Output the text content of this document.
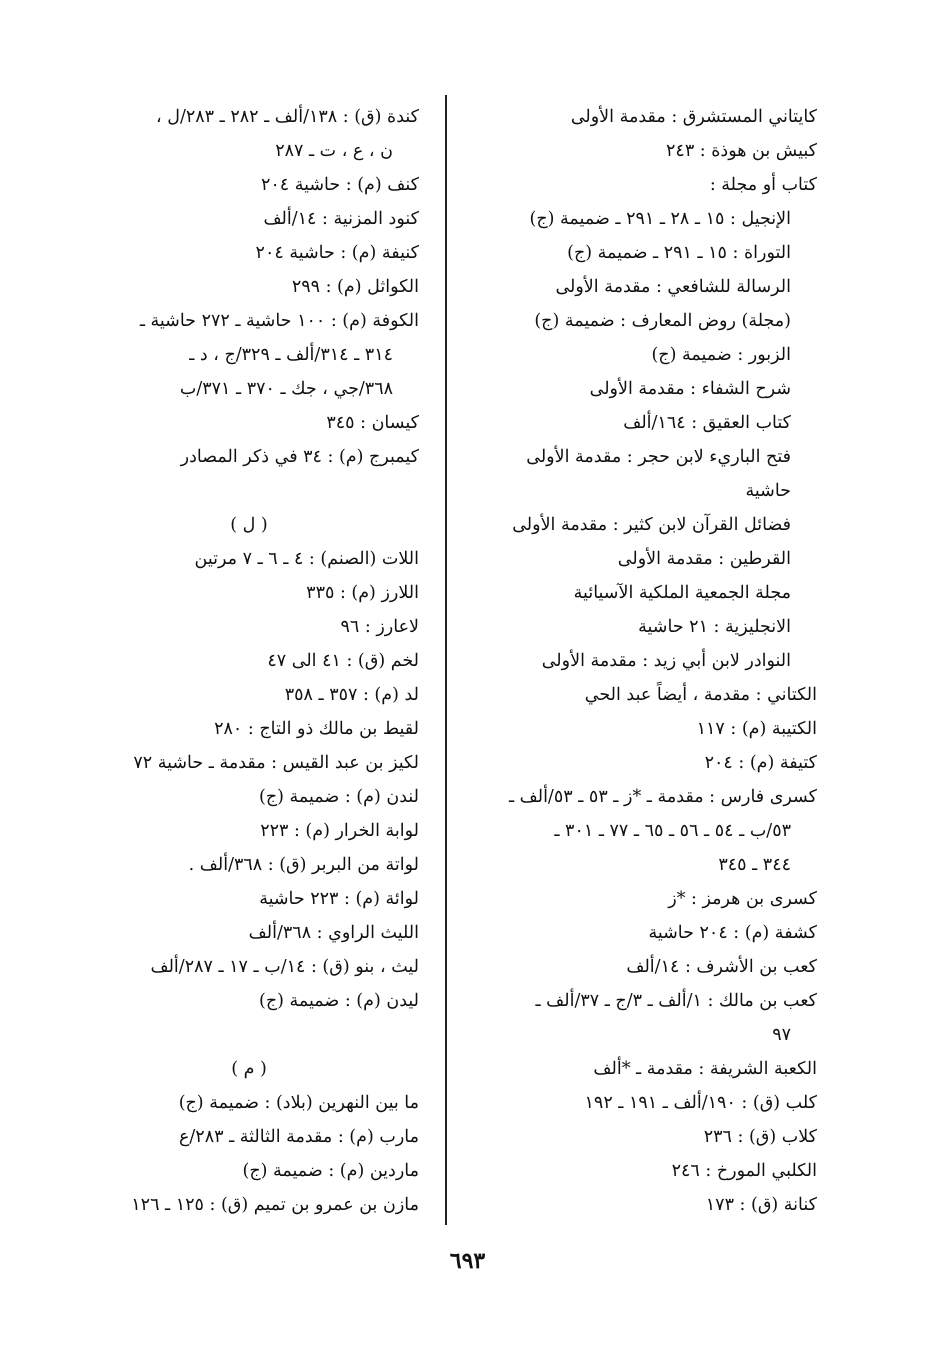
كايتاني المستشرق : مقدمة الأولى
كبيش بن هوذة : ٢٤٣
كتاب أو مجلة :
الإنجيل : ١٥ ـ ٢٨ ـ ٢٩١ ـ ضميمة (ج)
التوراة : ١٥ ـ ٢٩١ ـ ضميمة (ج)
الرسالة للشافعي : مقدمة الأولى
(مجلة) روض المعارف : ضميمة (ج)
الزبور : ضميمة (ج)
شرح الشفاء : مقدمة الأولى
كتاب العقيق : ١٦٤/ألف
فتح الباريء لابن حجر : مقدمة الأولى
حاشية
فضائل القرآن لابن كثير : مقدمة الأولى
القرطين : مقدمة الأولى
مجلة الجمعية الملكية الآسيائية
الانجليزية : ٢١ حاشية
النوادر لابن أبي زيد : مقدمة الأولى
الكتاني : مقدمة ، أيضاً عبد الحي
الكتيبة (م) : ١١٧
كتيفة (م) : ٢٠٤
كسرى فارس : مقدمة ـ *ز ـ ٥٣ ـ ٥٣/ألف ـ
٥٣/ب ـ ٥٤ ـ ٥٦ ـ ٦٥ ـ ٧٧ ـ ٣٠١ ـ
٣٤٤ ـ ٣٤٥
كسرى بن هرمز : *ز
كشفة (م) : ٢٠٤ حاشية
كعب بن الأشرف : ١٤/ألف
كعب بن مالك : ١/ألف ـ ٣/ج ـ ٣٧/ألف ـ
٩٧
الكعبة الشريفة : مقدمة ـ *ألف
كلب (ق) : ١٩٠/ألف ـ ١٩١ ـ ١٩٢
كلاب (ق) : ٢٣٦
الكلبي المورخ : ٢٤٦
كنانة (ق) : ١٧٣
كندة (ق) : ١٣٨/ألف ـ ٢٨٢ ـ ٢٨٣/ل ،
ن ، ع ، ت ـ ٢٨٧
كنف (م) : حاشية ٢٠٤
كنود المزنية : ١٤/ألف
كنيفة (م) : حاشية ٢٠٤
الكواثل (م) : ٢٩٩
الكوفة (م) : ١٠٠ حاشية ـ ٢٧٢ حاشية ـ
٣١٤ ـ ٣١٤/ألف ـ ٣٢٩/ج ، د ـ
٣٦٨/جي ، جك ـ ٣٧٠ ـ ٣٧١/ب
كيسان : ٣٤٥
كيمبرج (م) : ٣٤ في ذكر المصادر
( ل )
اللات (الصنم) : ٤ ـ ٦ ـ ٧ مرتين
اللارز (م) : ٣٣٥
لاعارز : ٩٦
لخم (ق) : ٤١ الى ٤٧
لد (م) : ٣٥٧ ـ ٣٥٨
لقيط بن مالك ذو التاج : ٢٨٠
لكيز بن عبد القيس : مقدمة ـ حاشية ٧٢
لندن (م) : ضميمة (ج)
لوابة الخرار (م) : ٢٢٣
لواتة من البربر (ق) : ٣٦٨/ألف .
لوائة (م) : ٢٢٣ حاشية
الليث الراوي : ٣٦٨/ألف
ليث ، بنو (ق) : ١٤/ب ـ ١٧ ـ ٢٨٧/ألف
ليدن (م) : ضميمة (ج)
( م )
ما بين النهرين (بلاد) : ضميمة (ج)
مارب (م) : مقدمة الثالثة ـ ٢٨٣/ع
ماردين (م) : ضميمة (ج)
مازن بن عمرو بن تميم (ق) : ١٢٥ ـ ١٢٦
٦٩٣
